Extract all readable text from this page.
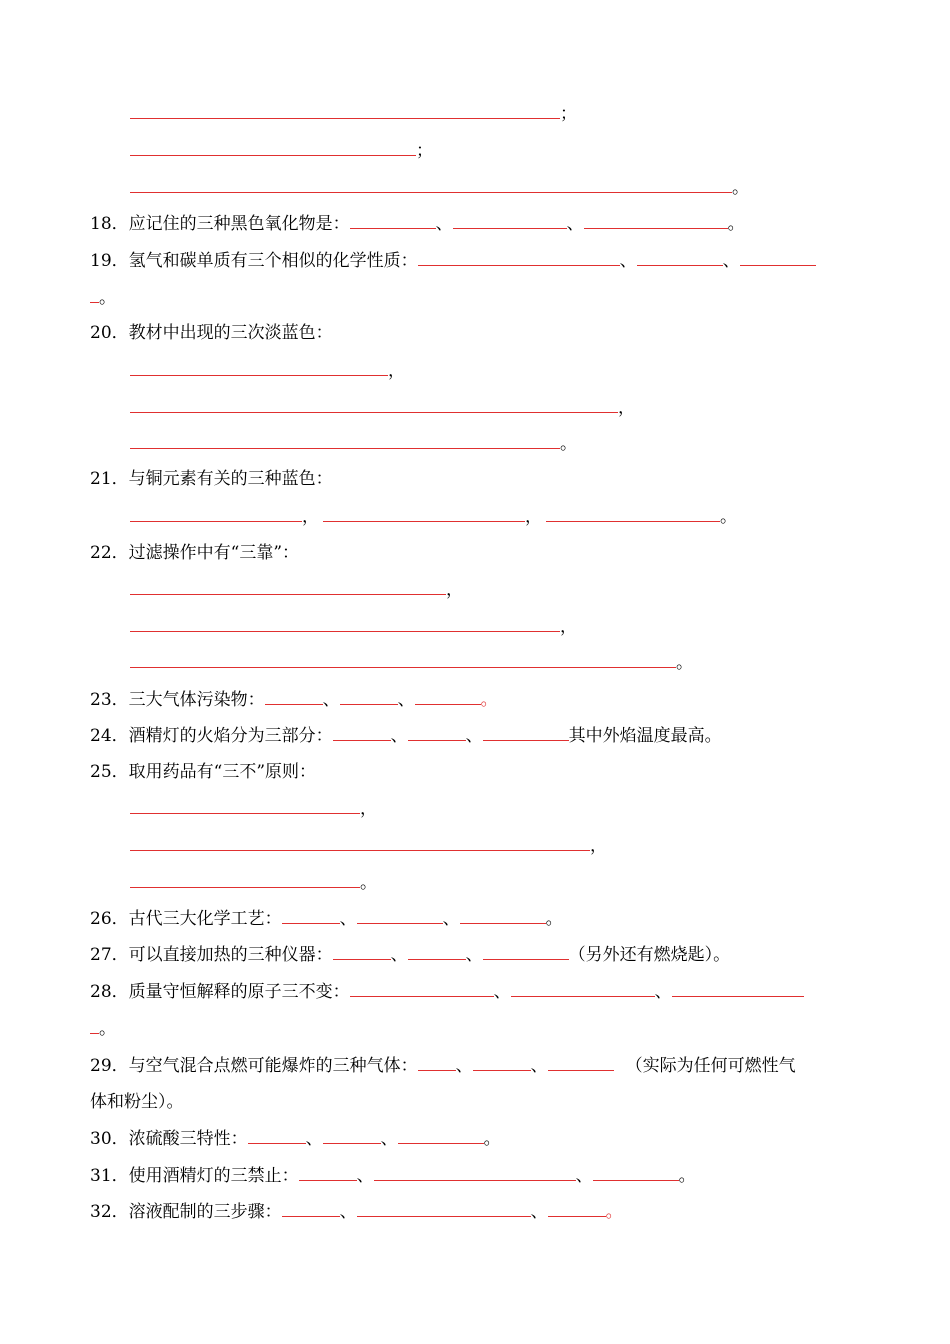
；
；
。
18．应记住的三种黑色氧化物是：	、	、	。
19．氢气和碳单质有三个相似的化学性质：	、	、
。
20．教材中出现的三次淡蓝色：
，
，
。
21．与铜元素有关的三种蓝色：
，	，	。
22．过滤操作中有“三靠”：
，
，
。
23．三大气体污染物：	、	、	。
24．酒精灯的火焰分为三部分：	、	、	其中外焰温度最高。
25．取用药品有“三不”原则：
，
，
。
26．古代三大化学工艺：	、	、	。
27．可以直接加热的三种仪器：	、	、	（另外还有燃烧匙）。
28．质量守恒解释的原子三不变：	、	、
。
29．与空气混合点燃可能爆炸的三种气体： 、	、	（实际为任何可燃性气
体和粉尘）。
30．浓硫酸三特性：	、	、	。
31．使用酒精灯的三禁止：	、	、	。
32．溶液配制的三步骤：	、	、	。
